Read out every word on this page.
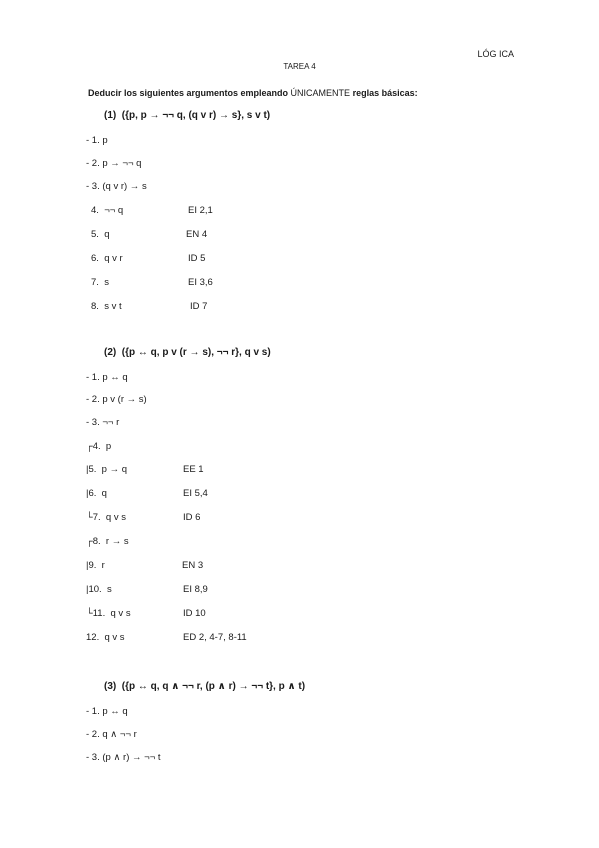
LÓG ICA
TAREA 4
Deducir los siguientes argumentos empleando ÚNICAMENTE reglas básicas:
(1)  ({p, p → ¬¬ q, (q v r) → s}, s v t)
- 1. p
- 2. p → ¬¬ q
- 3. (q v r) → s
4.  ¬¬ q	EI 2,1
5.  q	EN 4
6.  q v r	ID 5
7.  s	EI 3,6
8.  s v t	ID 7
(2)  ({p ↔ q, p v (r → s), ¬¬ r}, q v s)
- 1. p ↔ q
- 2. p v (r → s)
- 3. ¬¬ r
┌4.  p
|5.  p → q	EE 1
|6.  q	EI 5,4
└7.  q v s	ID 6
┌8.  r → s
|9.  r	EN 3
|10.  s	EI 8,9
└11.  q v s	ID 10
12.  q v s	ED 2, 4-7, 8-11
(3)  ({p ↔ q, q ∧ ¬¬ r, (p ∧ r) → ¬¬ t}, p ∧ t)
- 1. p ↔ q
- 2. q ∧ ¬¬ r
- 3. (p ∧ r) → ¬¬ t
